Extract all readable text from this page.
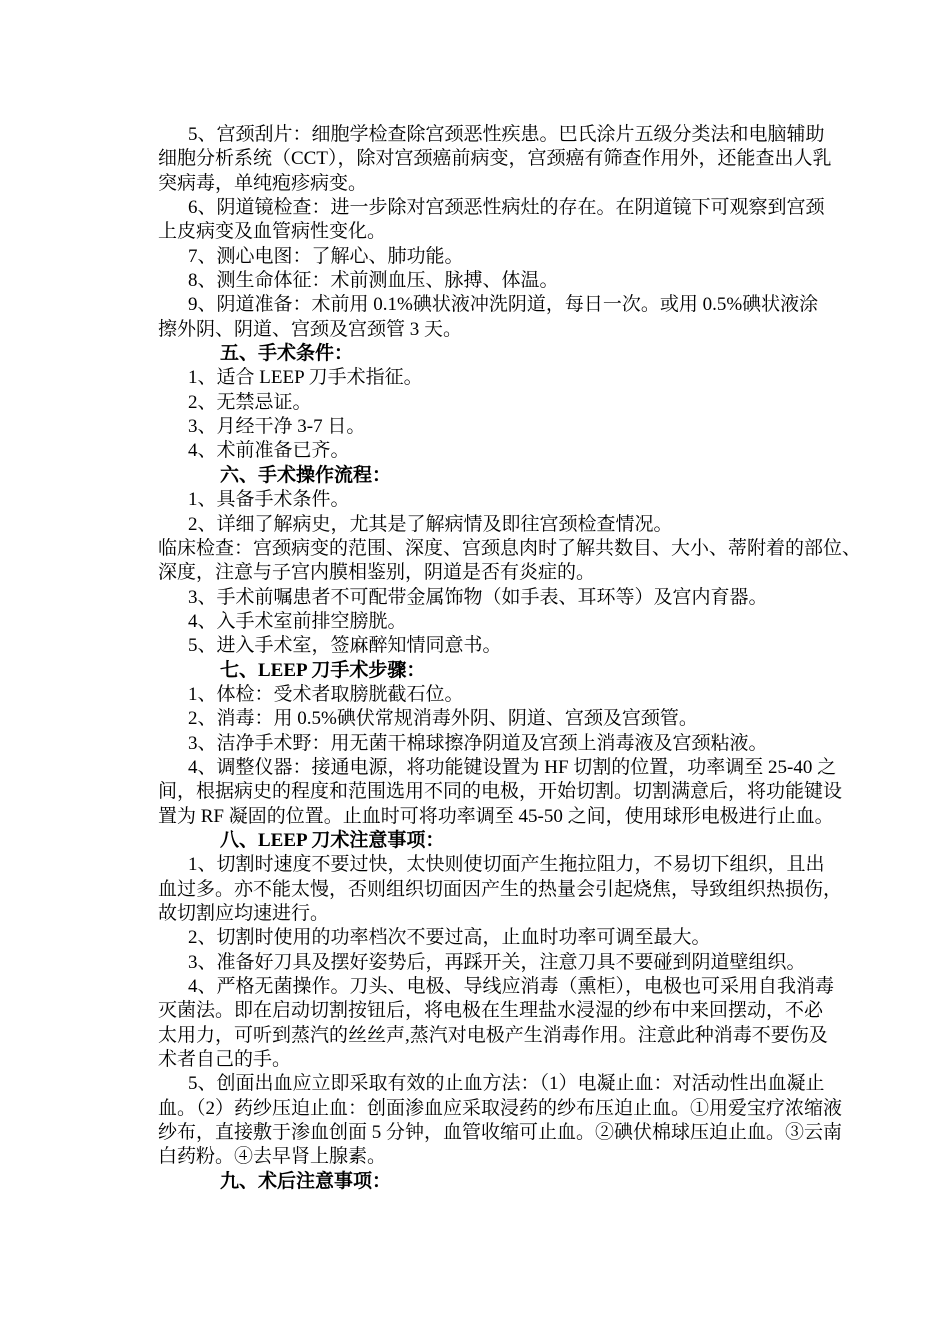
5、宫颈刮片：细胞学检查除宫颈恶性疾患。巴氏涂片五级分类法和电脑辅助
细胞分析系统（CCT），除对宫颈癌前病变，宫颈癌有筛查作用外，还能查出人乳
突病毒，单纯疱疹病变。
6、阴道镜检查：进一步除对宫颈恶性病灶的存在。在阴道镜下可观察到宫颈
上皮病变及血管病性变化。
7、测心电图：了解心、肺功能。
8、测生命体征：术前测血压、脉搏、体温。
9、阴道准备：术前用 0.1%碘状液冲洗阴道，每日一次。或用 0.5%碘状液涂
擦外阴、阴道、宫颈及宫颈管 3 天。
五、手术条件：
1、适合 LEEP 刀手术指征。
2、无禁忌证。
3、月经干净 3-7 日。
4、术前准备已齐。
六、手术操作流程：
1、具备手术条件。
2、详细了解病史，尤其是了解病情及即往宫颈检查情况。
临床检查：宫颈病变的范围、深度、宫颈息肉时了解共数目、大小、蒂附着的部位、
深度，注意与子宫内膜相鉴别，阴道是否有炎症的。
3、手术前嘱患者不可配带金属饰物（如手表、耳环等）及宫内育器。
4、入手术室前排空膀胱。
5、进入手术室，签麻醉知情同意书。
七、LEEP 刀手术步骤：
1、体检：受术者取膀胱截石位。
2、消毒：用 0.5%碘伏常规消毒外阴、阴道、宫颈及宫颈管。
3、洁净手术野：用无菌干棉球擦净阴道及宫颈上消毒液及宫颈粘液。
4、调整仪器：接通电源，将功能键设置为 HF 切割的位置，功率调至 25-40 之
间，根据病史的程度和范围选用不同的电极，开始切割。切割满意后，将功能键设
置为 RF 凝固的位置。止血时可将功率调至 45-50 之间，使用球形电极进行止血。
八、LEEP 刀术注意事项：
1、切割时速度不要过快，太快则使切面产生拖拉阻力，不易切下组织，且出
血过多。亦不能太慢，否则组织切面因产生的热量会引起烧焦，导致组织热损伤，
故切割应均速进行。
2、切割时使用的功率档次不要过高，止血时功率可调至最大。
3、准备好刀具及摆好姿势后，再踩开关，注意刀具不要碰到阴道壁组织。
4、严格无菌操作。刀头、电极、导线应消毒（熏柜），电极也可采用自我消毒
灭菌法。即在启动切割按钮后，将电极在生理盐水浸湿的纱布中来回摆动，不必
太用力，可听到蒸汽的丝丝声,蒸汽对电极产生消毒作用。注意此种消毒不要伤及
术者自己的手。
5、创面出血应立即采取有效的止血方法：（1）电凝止血：对活动性出血凝止
血。（2）药纱压迫止血：创面渗血应采取浸药的纱布压迫止血。①用爱宝疗浓缩液
纱布，直接敷于渗血创面 5 分钟，血管收缩可止血。②碘伏棉球压迫止血。③云南
白药粉。④去早肾上腺素。
九、术后注意事项：
